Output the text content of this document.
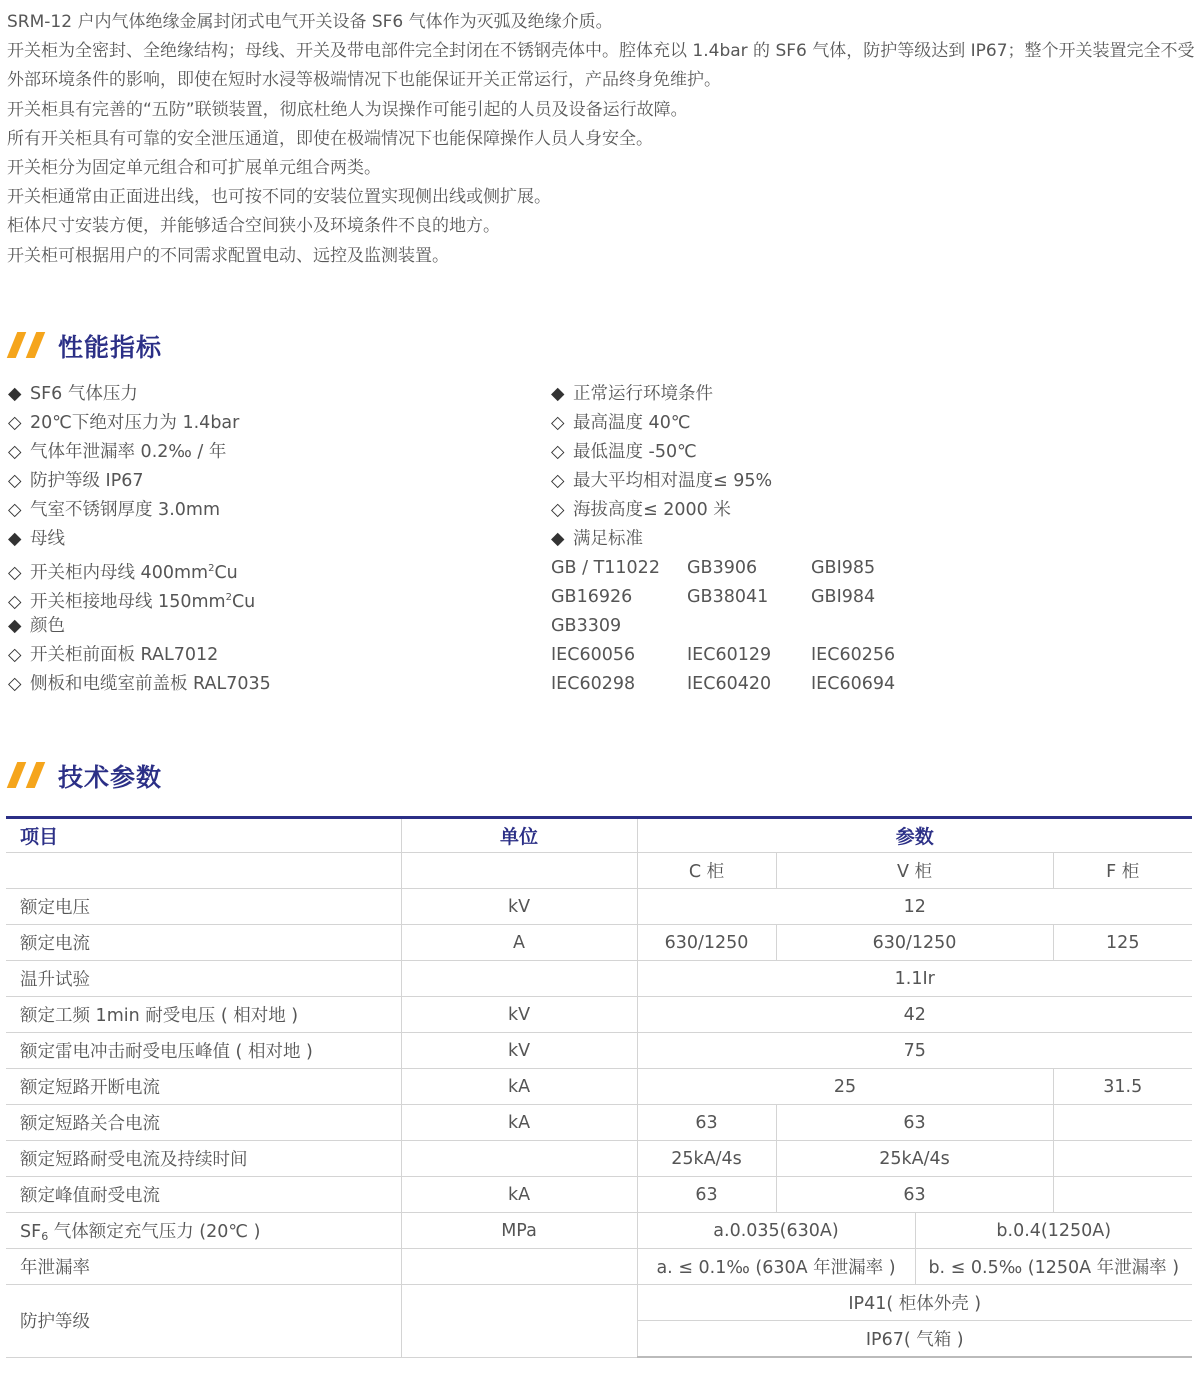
SRM-12 户内气体绝缘金属封闭式电气开关设备 SF6 气体作为灭弧及绝缘介质。

开关柜为全密封、全绝缘结构；母线、开关及带电部件完全封闭在不锈钢壳体中。腔体充以 1.4bar 的 SF6 气体，防护等级达到 IP67；整个开关装置完全不受外部环境条件的影响，即使在短时水浸等极端情况下也能保证开关正常运行，产品终身免维护。

开关柜具有完善的“五防”联锁装置，彻底杜绝人为误操作可能引起的人员及设备运行故障。

所有开关柜具有可靠的安全泄压通道，即使在极端情况下也能保障操作人员人身安全。

开关柜分为固定单元组合和可扩展单元组合两类。

开关柜通常由正面进出线，也可按不同的安装位置实现侧出线或侧扩展。

柜体尺寸安装方便，并能够适合空间狭小及环境条件不良的地方。

开关柜可根据用户的不同需求配置电动、远控及监测装置。

性能指标
◆ SF6 气体压力
◇ 20℃下绝对压力为 1.4bar
◇ 气体年泄漏率 0.2‰ / 年
◇ 防护等级 IP67
◇ 气室不锈钢厚度 3.0mm
◆ 母线
◇ 开关柜内母线 $400mm^2Cu$
◇ 开关柜接地母线 $150mm^2Cu$
◆ 颜色
◇ 开关柜前面板 RAL7012
◇ 侧板和电缆室前盖板 RAL7035
◆ 正常运行环境条件
◇ 最高温度 40℃
◇ 最低温度 -50℃
◇ 最大平均相对温度≤ 95%
◇ 海拔高度≤ 2000 米
◆ 满足标准
GB / T11022	GB3906	GBI985
GB16926	GB38041	GBI984
GB3309
IEC60056	IEC60129	IEC60256
IEC60298	IEC60420	IEC60694
技术参数
项目	单位	参数			
		C 柜	V 柜		F 柜
额定电压	kV	12			
额定电流	A	630/1250	630/1250		125
温升试验		1.1Ir			
额定工频 1min 耐受电压 ( 相对地 )	kV	42			
额定雷电冲击耐受电压峰值 ( 相对地 )	kV	75			
额定短路开断电流	kA	25			31.5
额定短路关合电流	kA	63	63		
额定短路耐受电流及持续时间		25kA/4s	25kA/4s		
额定峰值耐受电流	kA	63	63		
$SF_6$ 气体额定充气压力 (20℃ )	MPa	a.0.035(630A)		b.0.4(1250A)	
年泄漏率		a. ≤ 0.1‰ (630A 年泄漏率 )		b. ≤ 0.5‰ (1250A 年泄漏率 )	
防护等级		IP41( 柜体外壳 )			
		IP67( 气箱 )			
